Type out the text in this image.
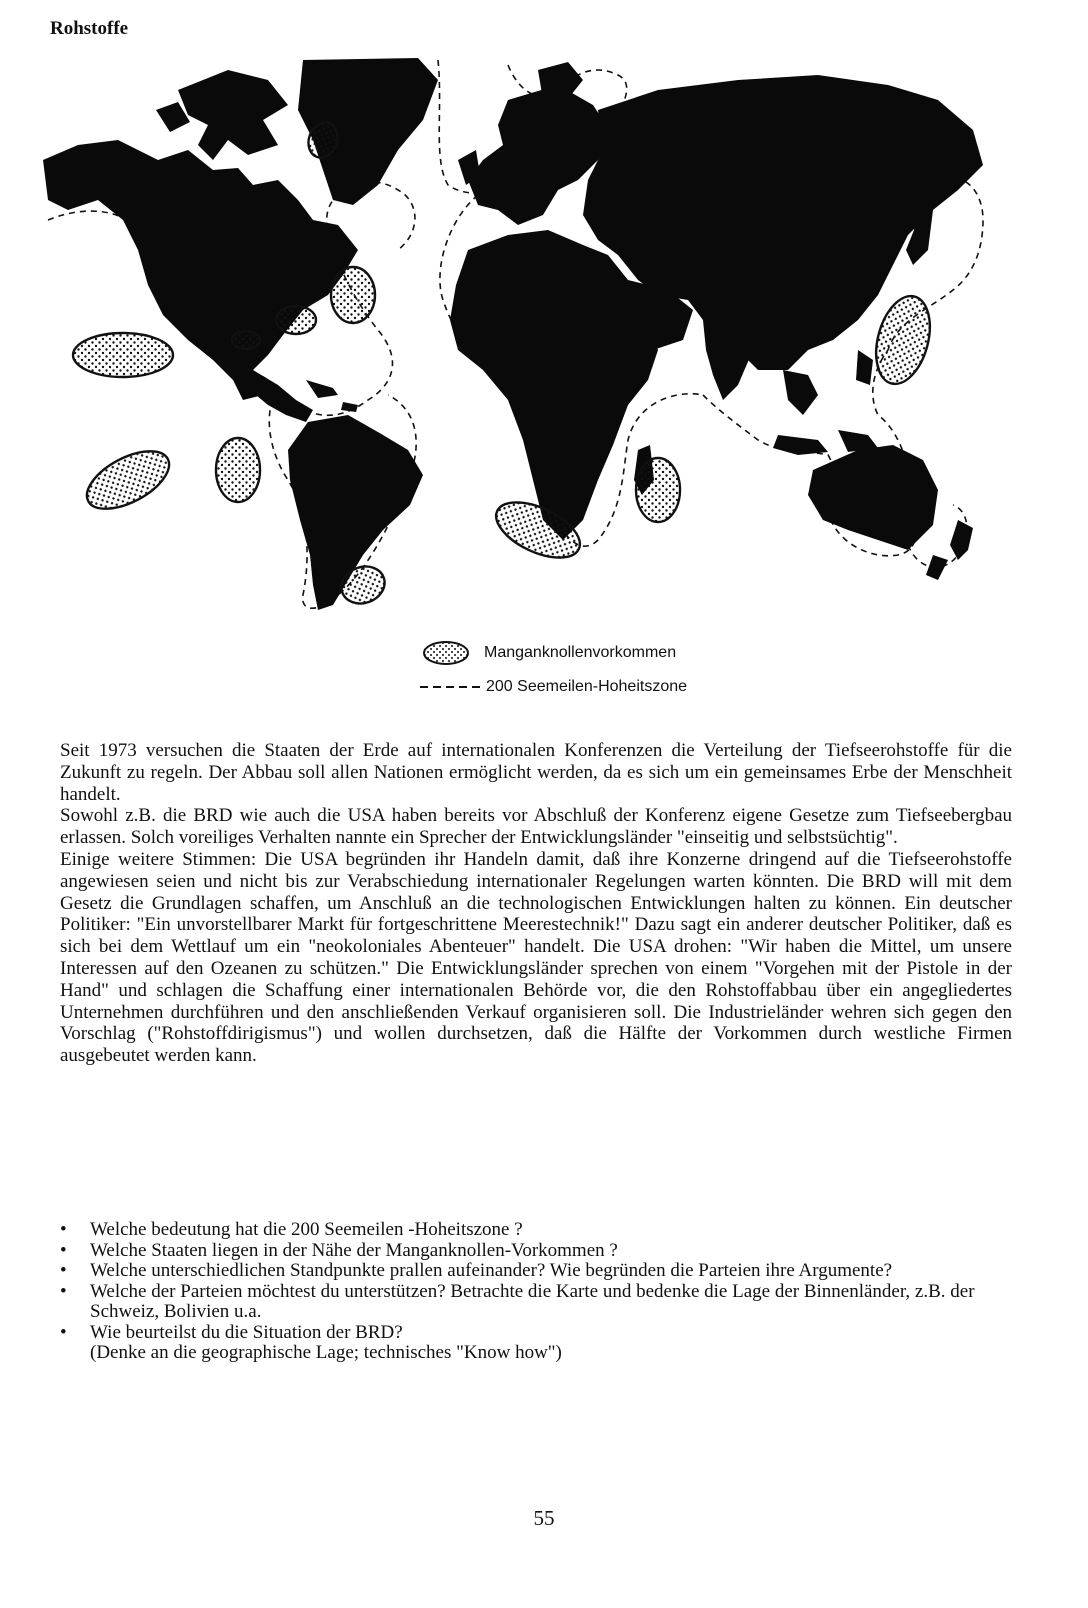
Rohstoffe
Manganknollenvorkommen
200 Seemeilen-Hoheitszone

Seit 1973 versuchen die Staaten der Erde auf internationalen Konferenzen die Verteilung der Tiefseerohstoffe für die Zukunft zu regeln. Der Abbau soll allen Nationen ermöglicht werden, da es sich um ein gemeinsames Erbe der Menschheit handelt.

Sowohl z.B. die BRD wie auch die USA haben bereits vor Abschluß der Konferenz eigene Gesetze zum Tiefseebergbau erlassen. Solch voreiliges Verhalten nannte ein Sprecher der Entwicklungsländer "einseitig und selbstsüchtig".

Einige weitere Stimmen: Die USA begründen ihr Handeln damit, daß ihre Konzerne dringend auf die Tiefseerohstoffe angewiesen seien und nicht bis zur Verabschiedung internationaler Regelungen warten könnten. Die BRD will mit dem Gesetz die Grundlagen schaffen, um Anschluß an die technologischen Entwicklungen halten zu können. Ein deutscher Politiker: "Ein unvorstellbarer Markt für fortgeschrittene Meerestechnik!" Dazu sagt ein anderer deutscher Politiker, daß es sich bei dem Wettlauf um ein "neokoloniales Abenteuer" handelt. Die USA drohen: "Wir haben die Mittel, um unsere Interessen auf den Ozeanen zu schützen." Die Entwicklungsländer sprechen von einem "Vorgehen mit der Pistole in der Hand" und schlagen die Schaffung einer internationalen Behörde vor, die den Rohstoffabbau über ein angegliedertes Unternehmen durchführen und den anschließenden Verkauf organisieren soll. Die Industrieländer wehren sich gegen den Vorschlag ("Rohstoffdirigismus") und wollen durchsetzen, daß die Hälfte der Vorkommen durch westliche Firmen ausgebeutet werden kann.

•	Welche bedeutung hat die 200 Seemeilen -Hoheitszone ?
•	Welche Staaten liegen in der Nähe der Manganknollen-Vorkommen ?
•	Welche unterschiedlichen Standpunkte prallen aufeinander? Wie begründen die Parteien ihre Argumente?
•	Welche der Parteien möchtest du unterstützen? Betrachte die Karte und bedenke die Lage der Binnenländer, z.B. der Schweiz, Bolivien u.a.
•	Wie beurteilst du die Situation der BRD?
(Denke an die geographische Lage; technisches "Know how")
55
